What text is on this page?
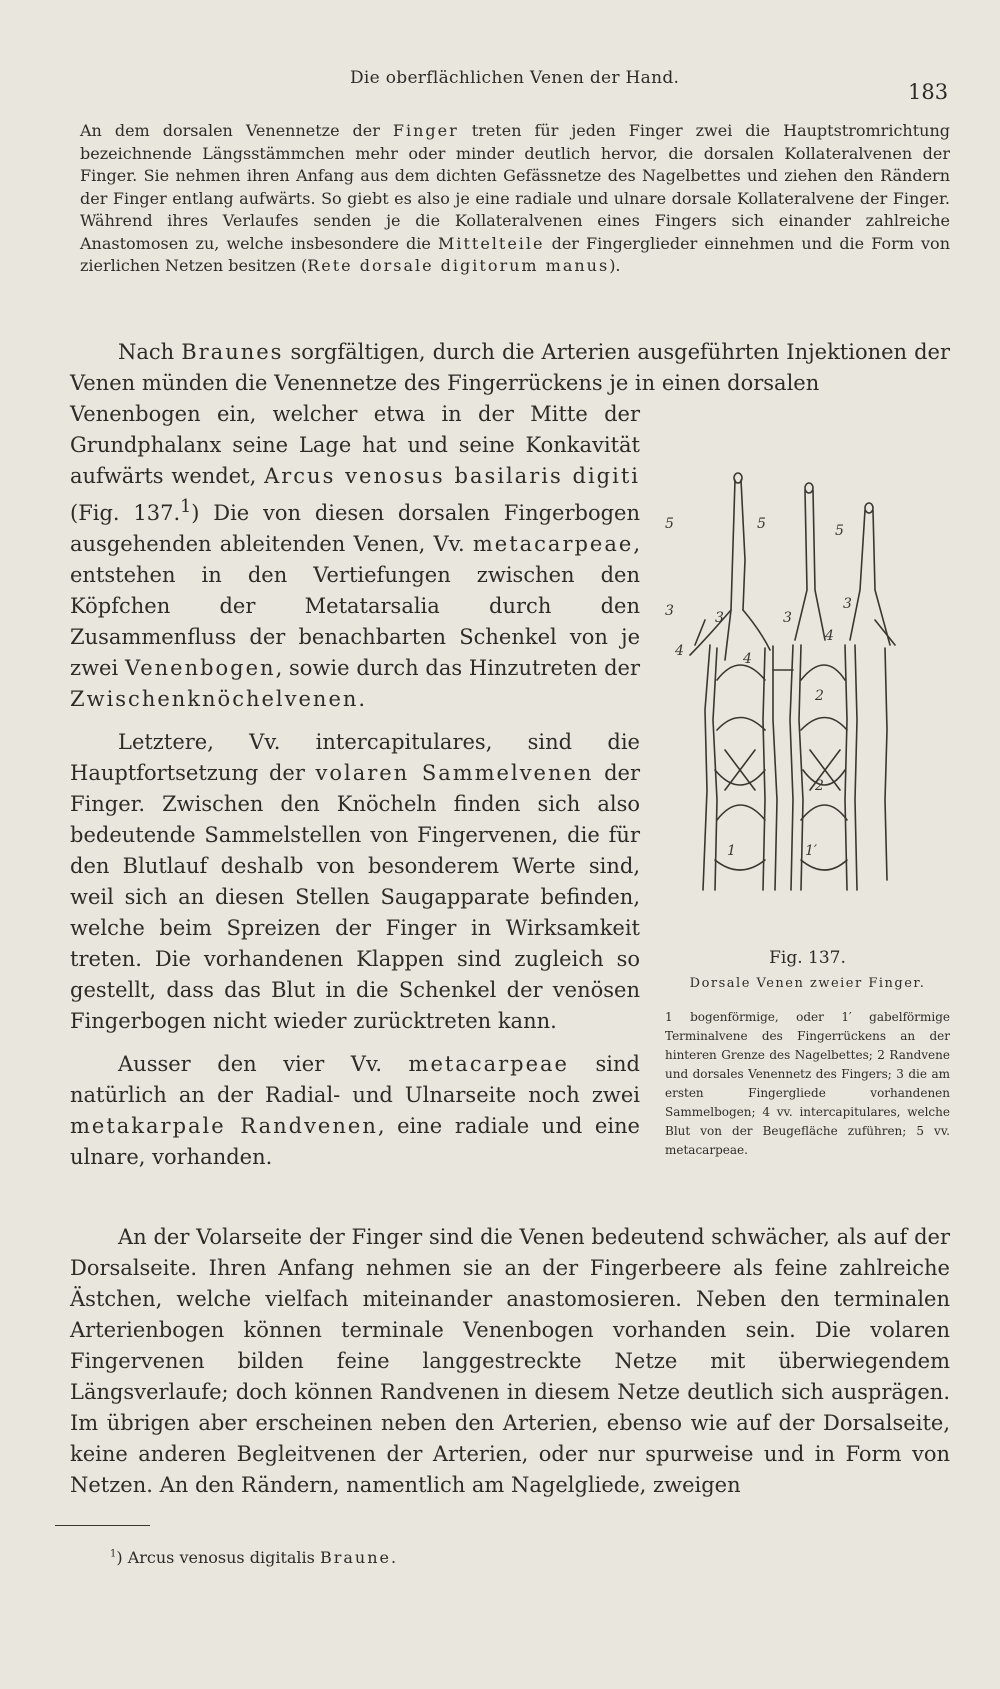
Die oberflächlichen Venen der Hand.
183
An dem dorsalen Venennetze der Finger treten für jeden Finger zwei die Hauptstromrichtung bezeichnende Längsstämmchen mehr oder minder deutlich hervor, die dorsalen Kollateralvenen der Finger. Sie nehmen ihren Anfang aus dem dichten Gefässnetze des Nagelbettes und ziehen den Rändern der Finger entlang aufwärts. So giebt es also je eine radiale und ulnare dorsale Kollateralvene der Finger. Während ihres Verlaufes senden je die Kollateralvenen eines Fingers sich einander zahlreiche Anastomosen zu, welche insbesondere die Mittelteile der Fingerglieder einnehmen und die Form von zierlichen Netzen besitzen (Rete dorsale digitorum manus).

Nach Braunes sorgfältigen, durch die Arterien ausgeführten Injektionen der Venen münden die Venennetze des Fingerrückens je in einen dorsalen

Venenbogen ein, welcher etwa in der Mitte der Grundphalanx seine Lage hat und seine Konkavität aufwärts wendet, Arcus venosus basilaris digiti (Fig. 137.$^1$) Die von diesen dorsalen Fingerbogen ausgehenden ableitenden Venen, Vv. metacarpeae, entstehen in den Vertiefungen zwischen den Köpfchen der Metatarsalia durch den Zusammenfluss der benachbarten Schenkel von je zwei Venenbogen, sowie durch das Hinzutreten der Zwischenknöchelvenen.

Letztere, Vv. intercapitulares, sind die Hauptfortsetzung der volaren Sammelvenen der Finger. Zwischen den Knöcheln finden sich also bedeutende Sammelstellen von Fingervenen, die für den Blutlauf deshalb von besonderem Werte sind, weil sich an diesen Stellen Saugapparate befinden, welche beim Spreizen der Finger in Wirksamkeit treten. Die vorhandenen Klappen sind zugleich so gestellt, dass das Blut in die Schenkel der venösen Fingerbogen nicht wieder zurücktreten kann.

Ausser den vier Vv. metacarpeae sind natürlich an der Radial- und Ulnarseite noch zwei metakarpale Randvenen, eine radiale und eine ulnare, vorhanden.

5	5	5
3	3	3
3
4	4
4
2
2
1	1′
Fig. 137.
Dorsale Venen zweier Finger.
1 bogenförmige, oder 1′ gabelförmige Terminalvene des Fingerrückens an der hinteren Grenze des Nagelbettes; 2 Randvene und dorsales Venennetz des Fingers; 3 die am ersten Fingergliede vorhandenen Sammelbogen; 4 vv. intercapitulares, welche Blut von der Beugefläche zuführen; 5 vv. metacarpeae.
An der Volarseite der Finger sind die Venen bedeutend schwächer, als auf der Dorsalseite. Ihren Anfang nehmen sie an der Fingerbeere als feine zahlreiche Ästchen, welche vielfach miteinander anastomosieren. Neben den terminalen Arterienbogen können terminale Venenbogen vorhanden sein. Die volaren Fingervenen bilden feine langgestreckte Netze mit überwiegendem Längsverlaufe; doch können Randvenen in diesem Netze deutlich sich ausprägen. Im übrigen aber erscheinen neben den Arterien, ebenso wie auf der Dorsalseite, keine anderen Begleitvenen der Arterien, oder nur spurweise und in Form von Netzen. An den Rändern, namentlich am Nagelgliede, zweigen
$^1$) Arcus venosus digitalis Braune.
